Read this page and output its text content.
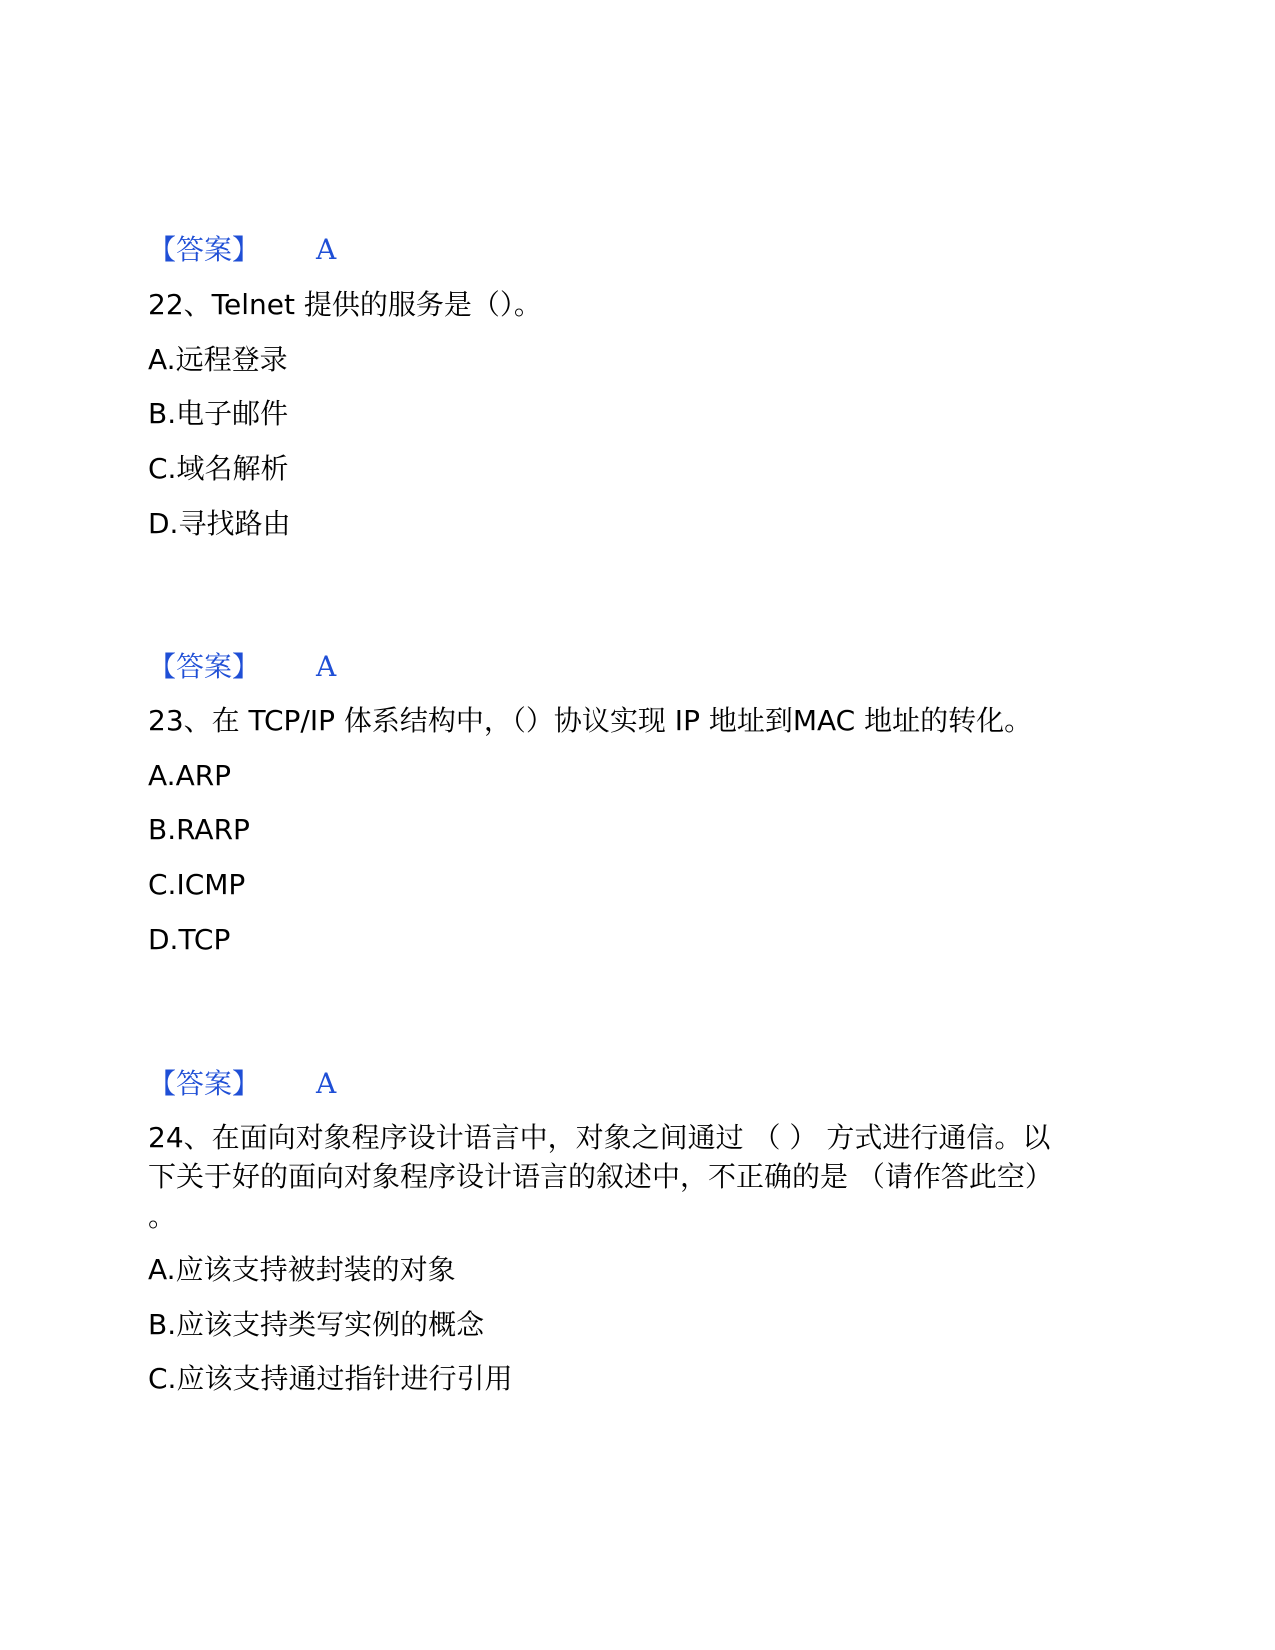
【答案】 A
22、Telnet 提供的服务是（）。
A.远程登录
B.电子邮件
C.域名解析
D.寻找路由
【答案】 A
23、在 TCP/IP 体系结构中，（）协议实现 IP 地址到MAC 地址的转化。
A.ARP
B.RARP
C.ICMP
D.TCP
【答案】 A
24、在面向对象程序设计语言中，对象之间通过 （ ） 方式进行通信。以
下关于好的面向对象程序设计语言的叙述中，不正确的是 （请作答此空）
。
A.应该支持被封装的对象
B.应该支持类写实例的概念
C.应该支持通过指针进行引用
